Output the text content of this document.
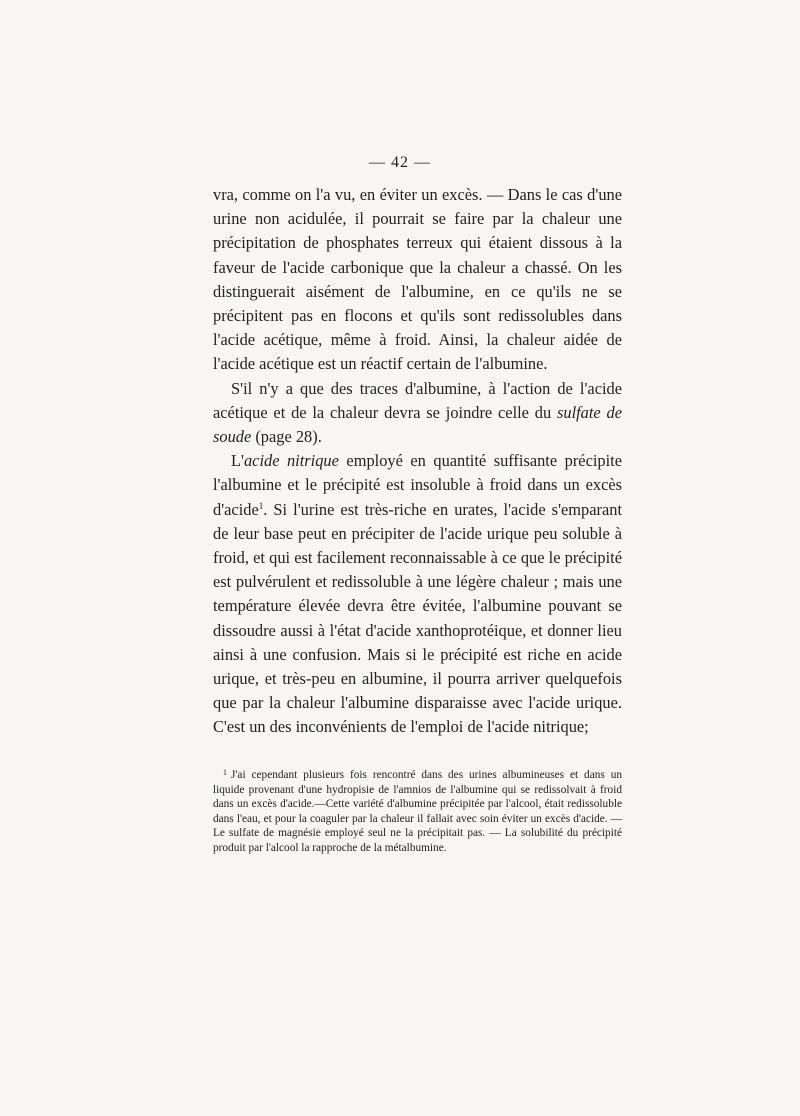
— 42 —

vra, comme on l'a vu, en éviter un excès. — Dans le cas d'une urine non acidulée, il pourrait se faire par la chaleur une précipitation de phosphates terreux qui étaient dissous à la faveur de l'acide carbonique que la chaleur a chassé. On les distinguerait aisément de l'albumine, en ce qu'ils ne se précipitent pas en flocons et qu'ils sont redissolubles dans l'acide acétique, même à froid. Ainsi, la chaleur aidée de l'acide acétique est un réactif certain de l'albumine.

S'il n'y a que des traces d'albumine, à l'action de l'acide acétique et de la chaleur devra se joindre celle du sulfate de soude (page 28).

L'acide nitrique employé en quantité suffisante précipite l'albumine et le précipité est insoluble à froid dans un excès d'acide$^1$. Si l'urine est très-riche en urates, l'acide s'emparant de leur base peut en précipiter de l'acide urique peu soluble à froid, et qui est facilement reconnaissable à ce que le précipité est pulvérulent et redissoluble à une légère chaleur ; mais une température élevée devra être évitée, l'albumine pouvant se dissoudre aussi à l'état d'acide xanthoprotéique, et donner lieu ainsi à une confusion. Mais si le précipité est riche en acide urique, et très-peu en albumine, il pourra arriver quelquefois que par la chaleur l'albumine disparaisse avec l'acide urique. C'est un des inconvénients de l'emploi de l'acide nitrique;

$^1$ J'ai cependant plusieurs fois rencontré dans des urines albumineuses et dans un liquide provenant d'une hydropisie de l'amnios de l'albumine qui se redissolvait à froid dans un excès d'acide.—Cette variété d'albumine précipitée par l'alcool, était redissoluble dans l'eau, et pour la coaguler par la chaleur il fallait avec soin éviter un excès d'acide. — Le sulfate de magnésie employé seul ne la précipitait pas. — La solubilité du précipité produit par l'alcool la rapproche de la métalbumine.
